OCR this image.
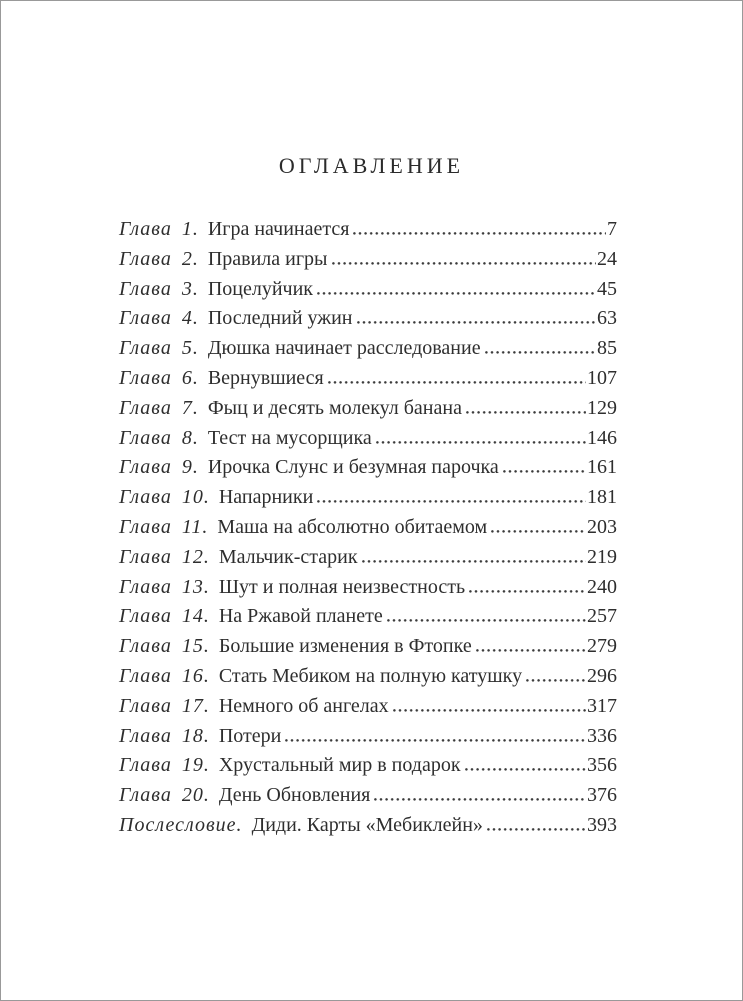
ОГЛАВЛЕНИЕ
Глава 1. Игра начинается	7
Глава 2. Правила игры	24
Глава 3. Поцелуйчик	45
Глава 4. Последний ужин	63
Глава 5. Дюшка начинает расследование	85
Глава 6. Вернувшиеся	107
Глава 7. Фыц и десять молекул банана	129
Глава 8. Тест на мусорщика	146
Глава 9. Ирочка Слунс и безумная парочка	161
Глава 10. Напарники	181
Глава 11. Маша на абсолютно обитаемом	203
Глава 12. Мальчик-старик	219
Глава 13. Шут и полная неизвестность	240
Глава 14. На Ржавой планете	257
Глава 15. Большие изменения в Фтопке	279
Глава 16. Стать Мебиком на полную катушку	296
Глава 17. Немного об ангелах	317
Глава 18. Потери	336
Глава 19. Хрустальный мир в подарок	356
Глава 20. День Обновления	376
Послесловие. Диди. Карты «Мебиклейн»	393
